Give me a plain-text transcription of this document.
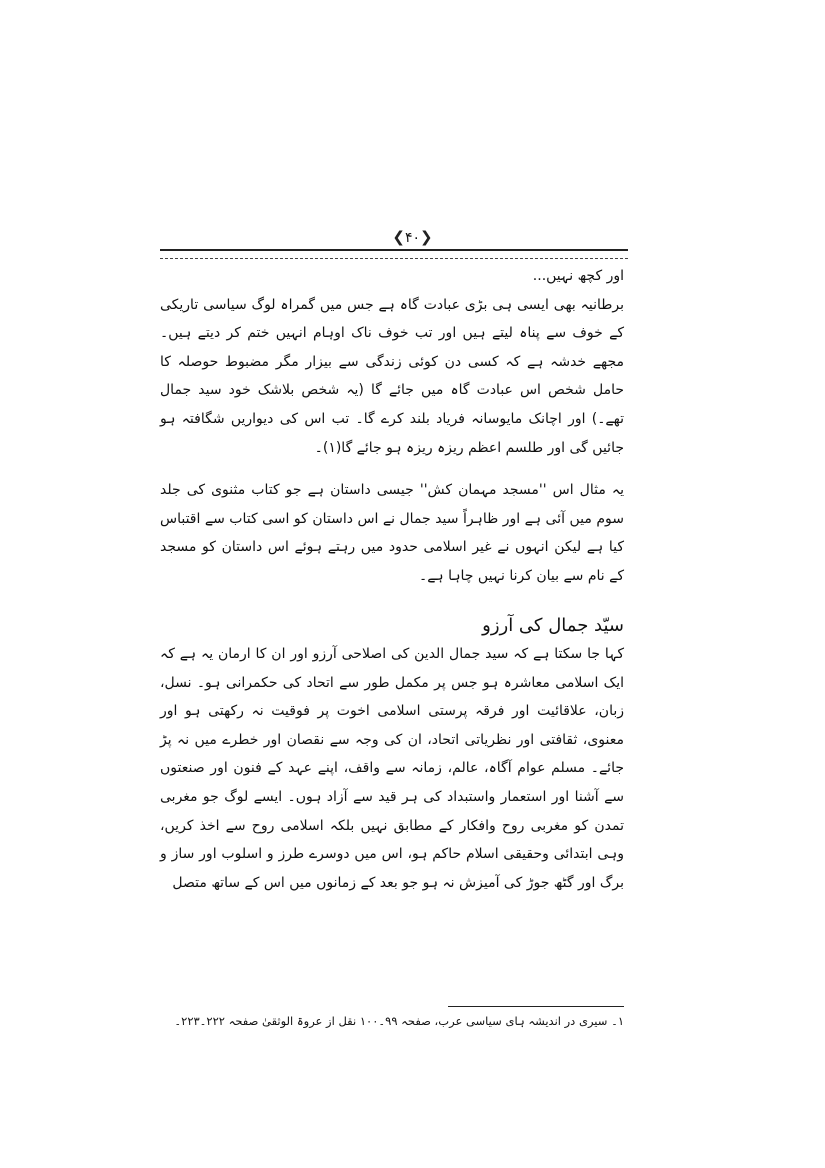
❮۴۰❯

اور کچھ نہیں...

برطانیہ بھی ایسی ہی بڑی عبادت گاہ ہے جس میں گمراہ لوگ سیاسی تاریکی کے خوف سے پناہ لیتے ہیں اور تب خوف ناک اوہام انہیں ختم کر دیتے ہیں۔ مجھے خدشہ ہے کہ کسی دن کوئی زندگی سے بیزار مگر مضبوط حوصلہ کا حامل شخص اس عبادت گاہ میں جائے گا (یہ شخص بلاشک خود سید جمال تھے۔) اور اچانک مایوسانہ فریاد بلند کرے گا۔ تب اس کی دیواریں شگافتہ ہو جائیں گی اور طلسم اعظم ریزہ ریزہ ہو جائے گا(۱)۔

یہ مثال اس ''مسجد مہمان کش'' جیسی داستان ہے جو کتاب مثنوی کی جلد سوم میں آئی ہے اور ظاہراً سید جمال نے اس داستان کو اسی کتاب سے اقتباس کیا ہے لیکن انہوں نے غیر اسلامی حدود میں رہتے ہوئے اس داستان کو مسجد کے نام سے بیان کرنا نہیں چاہا ہے۔

سیّد جمال کی آرزو

کہا جا سکتا ہے کہ سید جمال الدین کی اصلاحی آرزو اور ان کا ارمان یہ ہے کہ ایک اسلامی معاشرہ ہو جس پر مکمل طور سے اتحاد کی حکمرانی ہو۔ نسل، زبان، علاقائیت اور فرقہ پرستی اسلامی اخوت پر فوقیت نہ رکھتی ہو اور معنوی، ثقافتی اور نظریاتی اتحاد، ان کی وجہ سے نقصان اور خطرے میں نہ پڑ جائے۔ مسلم عوام آگاہ، عالم، زمانہ سے واقف، اپنے عہد کے فنون اور صنعتوں سے آشنا اور استعمار واستبداد کی ہر قید سے آزاد ہوں۔ ایسے لوگ جو مغربی تمدن کو مغربی روح وافکار کے مطابق نہیں بلکہ اسلامی روح سے اخذ کریں، وہی ابتدائی وحقیقی اسلام حاکم ہو، اس میں دوسرے طرز و اسلوب اور ساز و برگ اور گٹھ جوڑ کی آمیزش نہ ہو جو بعد کے زمانوں میں اس کے ساتھ متصل

۱۔ سیری در اندیشہ ہای سیاسی عرب، صفحہ ۹۹۔۱۰۰ نقل از عروۃ الوثقیٰ صفحہ ۲۲۲۔۲۲۳۔
